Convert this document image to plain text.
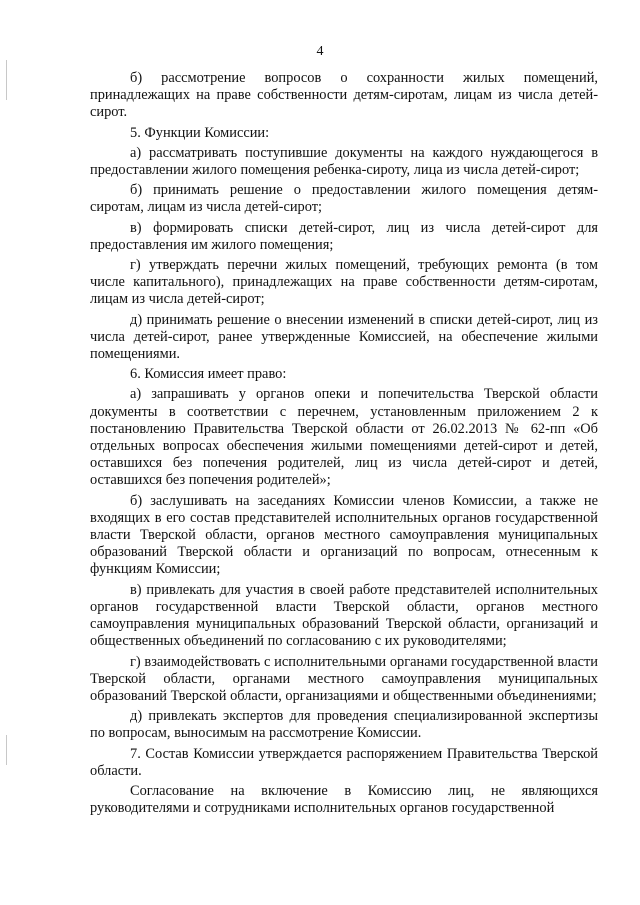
4

б) рассмотрение вопросов о сохранности жилых помещений, принадлежащих на праве собственности детям-сиротам, лицам из числа детей-сирот.

5. Функции Комиссии:

а) рассматривать поступившие документы на каждого нуждающегося в предоставлении жилого помещения ребенка-сироту, лица из числа детей-сирот;

б) принимать решение о предоставлении жилого помещения детям-сиротам, лицам из числа детей-сирот;

в) формировать списки детей-сирот, лиц из числа детей-сирот для предоставления им жилого помещения;

г) утверждать перечни жилых помещений, требующих ремонта (в том числе капитального), принадлежащих на праве собственности детям-сиротам, лицам из числа детей-сирот;

д) принимать решение о внесении изменений в списки детей-сирот, лиц из числа детей-сирот, ранее утвержденные Комиссией, на обеспечение жилыми помещениями.

6. Комиссия имеет право:

а) запрашивать у органов опеки и попечительства Тверской области документы в соответствии с перечнем, установленным приложением 2 к постановлению Правительства Тверской области от 26.02.2013 № 62-пп «Об отдельных вопросах обеспечения жилыми помещениями детей-сирот и детей, оставшихся без попечения родителей, лиц из числа детей-сирот и детей, оставшихся без попечения родителей»;

б) заслушивать на заседаниях Комиссии членов Комиссии, а также не входящих в его состав представителей исполнительных органов государственной власти Тверской области, органов местного самоуправления муниципальных образований Тверской области и организаций по вопросам, отнесенным к функциям Комиссии;

в) привлекать для участия в своей работе представителей исполнительных органов государственной власти Тверской области, органов местного самоуправления муниципальных образований Тверской области, организаций и общественных объединений по согласованию с их руководителями;

г) взаимодействовать с исполнительными органами государственной власти Тверской области, органами местного самоуправления муниципальных образований Тверской области, организациями и общественными объединениями;

д) привлекать экспертов для проведения специализированной экспертизы по вопросам, выносимым на рассмотрение Комиссии.

7. Состав Комиссии утверждается распоряжением Правительства Тверской области.

Согласование на включение в Комиссию лиц, не являющихся руководителями и сотрудниками исполнительных органов государственной
